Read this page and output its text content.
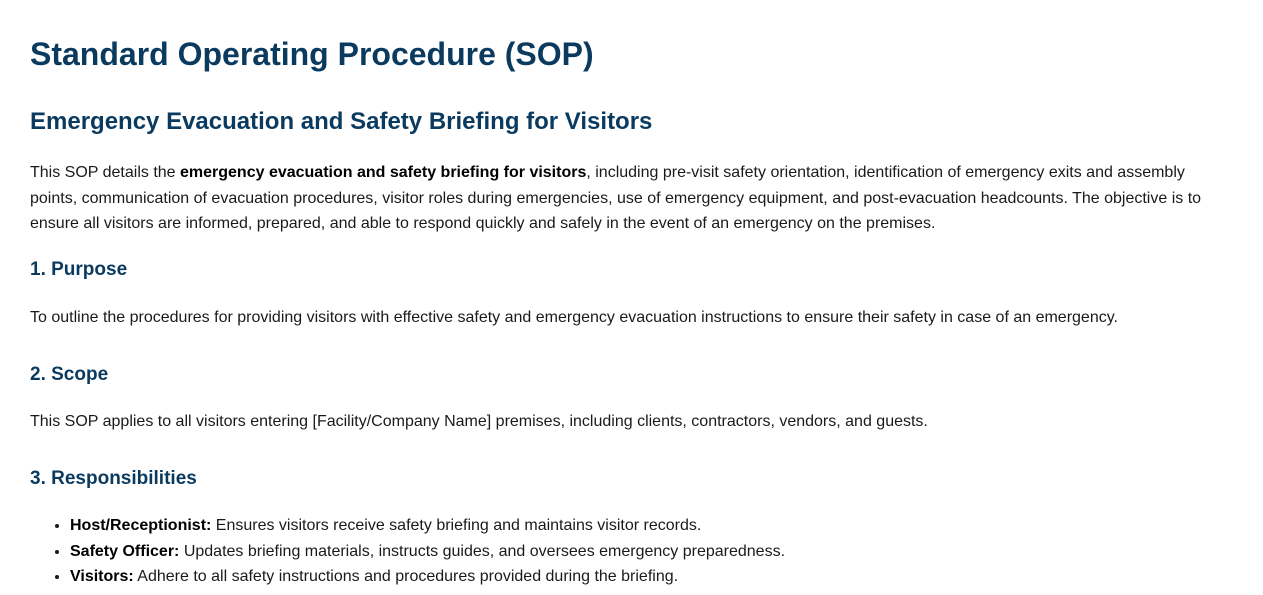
Standard Operating Procedure (SOP)
Emergency Evacuation and Safety Briefing for Visitors

This SOP details the emergency evacuation and safety briefing for visitors, including pre-visit safety orientation, identification of emergency exits and assembly points, communication of evacuation procedures, visitor roles during emergencies, use of emergency equipment, and post-evacuation headcounts. The objective is to ensure all visitors are informed, prepared, and able to respond quickly and safely in the event of an emergency on the premises.

1. Purpose

To outline the procedures for providing visitors with effective safety and emergency evacuation instructions to ensure their safety in case of an emergency.

2. Scope

This SOP applies to all visitors entering [Facility/Company Name] premises, including clients, contractors, vendors, and guests.

3. Responsibilities
• Host/Receptionist: Ensures visitors receive safety briefing and maintains visitor records.
• Safety Officer: Updates briefing materials, instructs guides, and oversees emergency preparedness.
• Visitors: Adhere to all safety instructions and procedures provided during the briefing.
